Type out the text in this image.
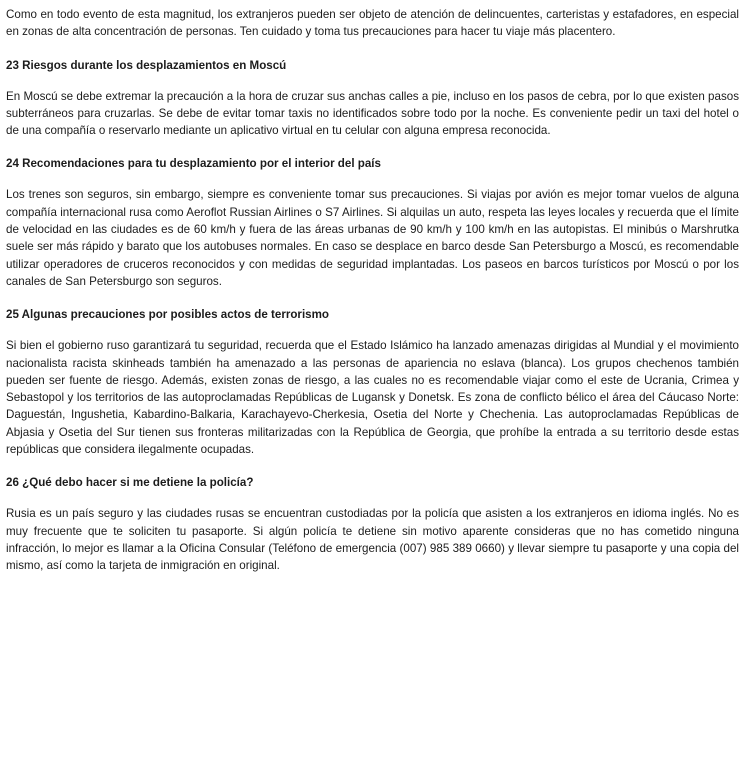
Como en todo evento de esta magnitud, los extranjeros pueden ser objeto de atención de delincuentes, carteristas y estafadores, en especial en zonas de alta concentración de personas. Ten cuidado y toma tus precauciones para hacer tu viaje más placentero.

23 Riesgos durante los desplazamientos en Moscú

En Moscú se debe extremar la precaución a la hora de cruzar sus anchas calles a pie, incluso en los pasos de cebra, por lo que existen pasos subterráneos para cruzarlas. Se debe de evitar tomar taxis no identificados sobre todo por la noche. Es conveniente pedir un taxi del hotel o de una compañía o reservarlo mediante un aplicativo virtual en tu celular con alguna empresa reconocida.

24 Recomendaciones para tu desplazamiento por el interior del país

Los trenes son seguros, sin embargo, siempre es conveniente tomar sus precauciones. Si viajas por avión es mejor tomar vuelos de alguna compañía internacional rusa como Aeroflot Russian Airlines o S7 Airlines. Si alquilas un auto, respeta las leyes locales y recuerda que el límite de velocidad en las ciudades es de 60 km/h y fuera de las áreas urbanas de 90 km/h y 100 km/h en las autopistas. El minibús o Marshrutka suele ser más rápido y barato que los autobuses normales. En caso se desplace en barco desde San Petersburgo a Moscú, es recomendable utilizar operadores de cruceros reconocidos y con medidas de seguridad implantadas. Los paseos en barcos turísticos por Moscú o por los canales de San Petersburgo son seguros.

25 Algunas precauciones por posibles actos de terrorismo

Si bien el gobierno ruso garantizará tu seguridad, recuerda que el Estado Islámico ha lanzado amenazas dirigidas al Mundial y el movimiento nacionalista racista skinheads también ha amenazado a las personas de apariencia no eslava (blanca). Los grupos chechenos también pueden ser fuente de riesgo. Además, existen zonas de riesgo, a las cuales no es recomendable viajar como el este de Ucrania, Crimea y Sebastopol y los territorios de las autoproclamadas Repúblicas de Lugansk y Donetsk. Es zona de conflicto bélico el área del Cáucaso Norte: Daguestán, Ingushetia, Kabardino-Balkaria, Karachayevo-Cherkesia, Osetia del Norte y Chechenia. Las autoproclamadas Repúblicas de Abjasia y Osetia del Sur tienen sus fronteras militarizadas con la República de Georgia, que prohíbe la entrada a su territorio desde estas repúblicas que considera ilegalmente ocupadas.

26 ¿Qué debo hacer si me detiene la policía?

Rusia es un país seguro y las ciudades rusas se encuentran custodiadas por la policía que asisten a los extranjeros en idioma inglés. No es muy frecuente que te soliciten tu pasaporte. Si algún policía te detiene sin motivo aparente consideras que no has cometido ninguna infracción, lo mejor es llamar a la Oficina Consular (Teléfono de emergencia (007) 985 389 0660) y llevar siempre tu pasaporte y una copia del mismo, así como la tarjeta de inmigración en original.
